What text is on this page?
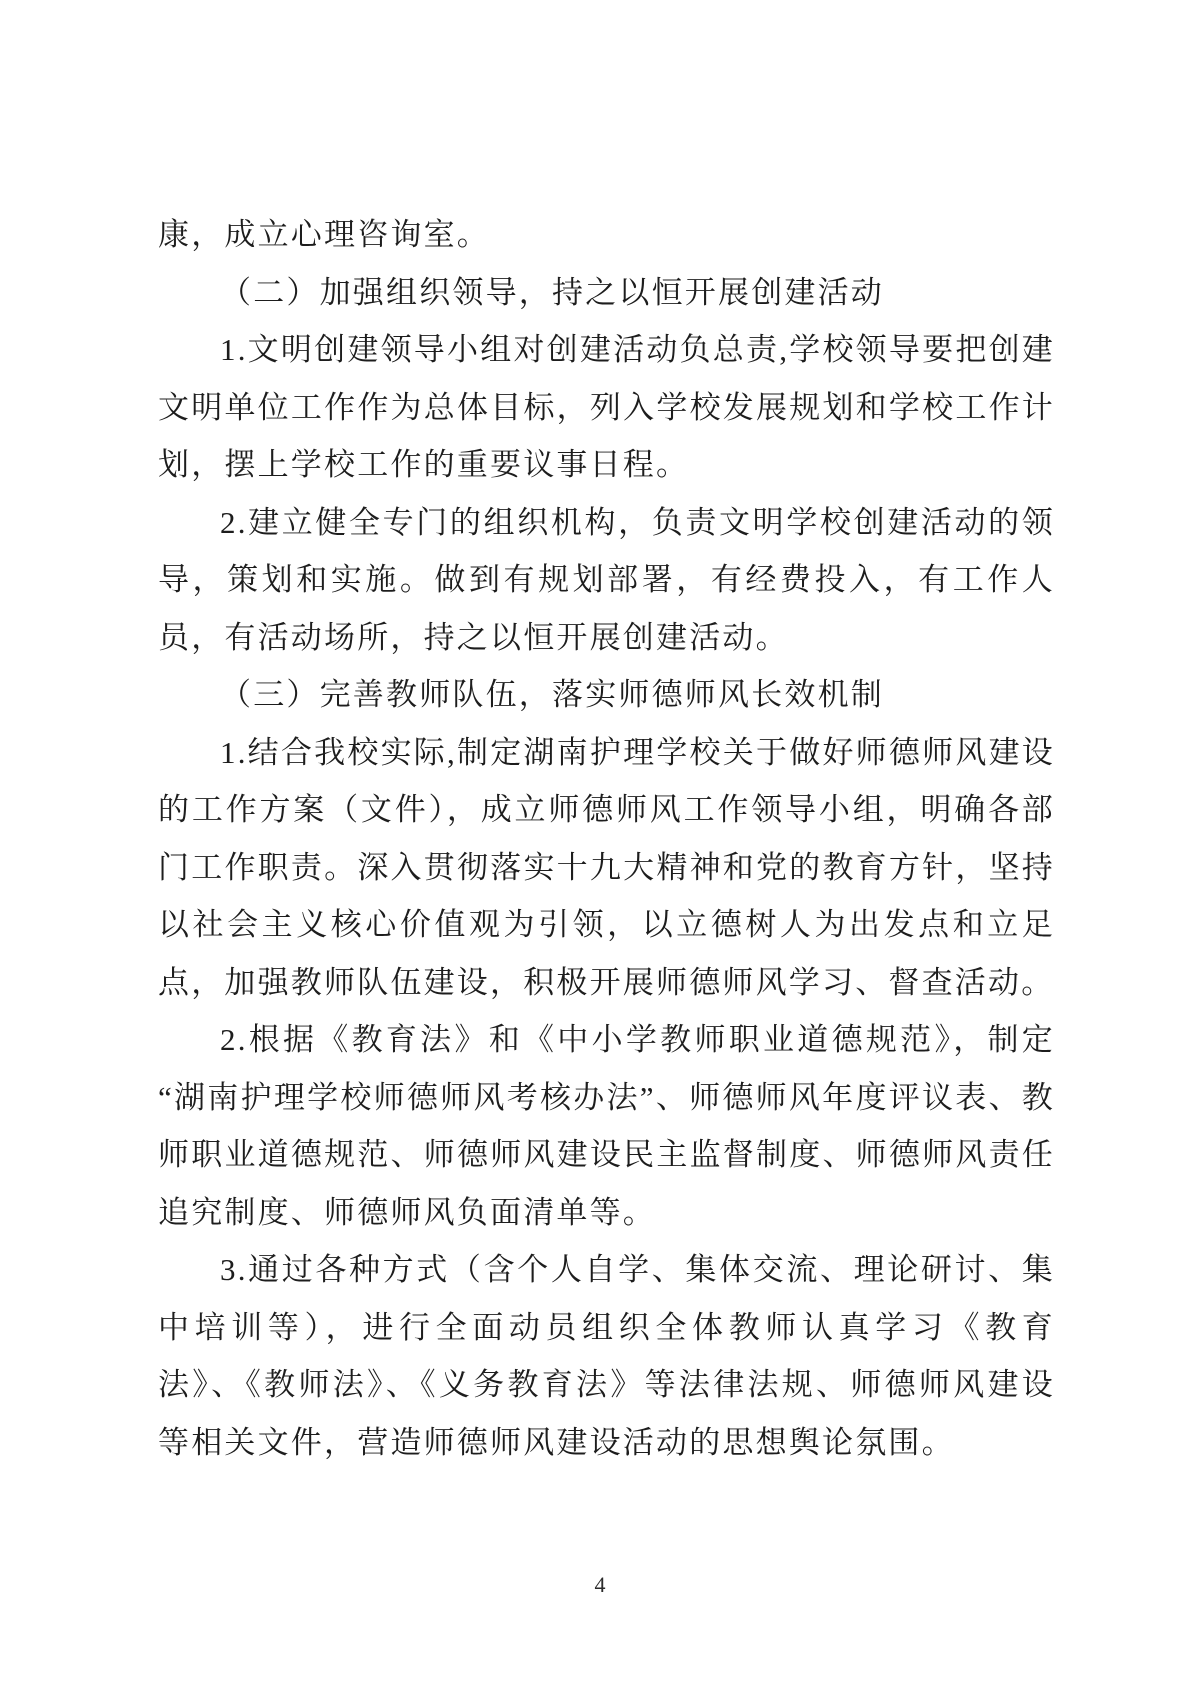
康，成立心理咨询室。

（二）加强组织领导，持之以恒开展创建活动

1.文明创建领导小组对创建活动负总责,学校领导要把创建文明单位工作作为总体目标，列入学校发展规划和学校工作计划，摆上学校工作的重要议事日程。

2.建立健全专门的组织机构，负责文明学校创建活动的领导，策划和实施。做到有规划部署，有经费投入，有工作人员，有活动场所，持之以恒开展创建活动。

（三）完善教师队伍，落实师德师风长效机制

1.结合我校实际,制定湖南护理学校关于做好师德师风建设的工作方案（文件），成立师德师风工作领导小组，明确各部门工作职责。深入贯彻落实十九大精神和党的教育方针，坚持以社会主义核心价值观为引领，以立德树人为出发点和立足点，加强教师队伍建设，积极开展师德师风学习、督查活动。

2.根据《教育法》和《中小学教师职业道德规范》，制定“湖南护理学校师德师风考核办法”、师德师风年度评议表、教师职业道德规范、师德师风建设民主监督制度、师德师风责任追究制度、师德师风负面清单等。

3.通过各种方式（含个人自学、集体交流、理论研讨、集中培训等），进行全面动员组织全体教师认真学习《教育法》、《教师法》、《义务教育法》等法律法规、师德师风建设等相关文件，营造师德师风建设活动的思想舆论氛围。

4
